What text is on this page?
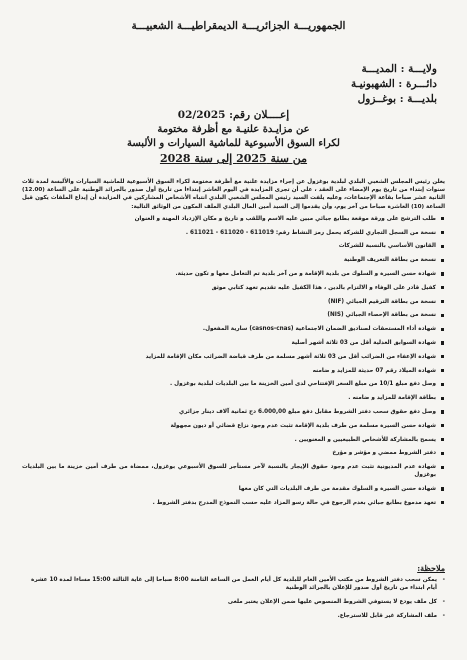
الجمهوريـــة الجزائريـــة الديمقراطيـــة الشعبيـــة
ولايـــة : المديـــة
دائـــرة : الشهبونيـة
بلديـــة : بوغــزول
إعــــلان رقم: 02/2025
عن مزايـدة علنيـة مع أظرفة مختومة
لكراء السوق الأسبوعية للماشية السيارات و الألبسة
من سنة 2025 إلى سنة 2028

يعلن رئيس المجلس الشعبي البلدي لبلدية بوغزول عن إجراء مزايدة علنية مع أظرفة مختومة لكراء السوق الأسبوعية للماشية السيارات والألبسة لمدة ثلاث سنوات إبتداء من تاريخ يوم الإمضاء على العقد ، على أن تجرى المزايدة في اليوم العاشر إبتداءا من تاريخ أول صدور بالجرائد الوطنية على الساعة (12.00) الثانية عشر صباحا بقاعة الإجتماعات، وعليه يلفت السيد رئيس المجلس الشعبي البلدي انتباه الأشخاص المشاركين في المزايدة أن إيداع الملفات يكون قبل الساعة (10) العاشرة صباحا من آخر يوم، وأن يقدموا إلى السيد أمين المال البلدي الملف المكون من الوثائق التالية:

طلب الترشح على ورقة موقعة بطابع جبائي مبين عليه الاسم واللقب و تاريخ و مكان الإزدياد المهنة و العنوان
نسخة من السجل التجاري للشركة يحمل رمز النشاط رقم: 611019 - 611020 - 611021 .
القانون الأساسي بالنسبة للشركات
نسخة من بطاقة التعريف الوطنية
شهادة حسن السيرة و السلوك من بلدية الإقامة و من آخر بلدية تم التعامل معها و تكون حديثة.
كفيل قادر على الوفاء و الالتزام بالدين ، هذا الكفيل عليه تقديم تعهد كتابي موثق
نسخة من بطاقة الترقيم الجبائي (NIF)
نسخة من بطاقة الإحصاء الجبائي (NIS)
شهادة أداء المستحقات لصناديق الضمان الاجتماعية (casnos-cnas) سارية المفعول.
شهادة السوابق العدلية أقل من 03 ثلاثة أشهر أصلية
شهادة الإعفاء من الضرائب أقل من 03 ثلاثة أشهر مسلمة من طرف قباضة الضرائب مكان الإقامة للمزايد
شهادة الميلاد رقم 07 حديثة للمزايد و ضامنه
وصل دفع مبلغ 10/1 من مبلغ السعر الإفتتاحي لدى أمين الخزينة ما بين البلديات لبلدية بوغزول .
بطاقة الإقامة للمزايد و ضامنه .
وصل دفع حقوق سحب دفتر الشروط مقابل دفع مبلغ 6.000,00 دج ثمانية آلاف دينار جزائري
شهادة حسن السيرة مسلمة من طرف بلدية الإقامة تثبت عدم وجود نزاع قضائي أو ديون مجهولة
يسمح بالمشاركة للأشخاص الطبيعيين و المعنويين .
دفتر الشروط ممضي و مؤشر و مؤرخ
شهادة عدم المديونية تثبت عدم وجود حقوق الإيجار بالنسبة لآخر مستأجر للسوق الأسبوعي بوغزول، ممضاة من طرف أمين خزينة ما بين البلديات بوغزول
شهادة حسن السيرة و السلوك مقدمة من طرف البلديات التي كان معها
تعهد مدموغ بطابع جبائي بعدم الرجوع في حالة رسو المزاد عليه حسب النموذج المدرج بدفتر الشروط .
ملاحظة:
- يمكن سحب دفتر الشروط من مكتب الأمين العام للبلدية كل أيام العمل من الساعة الثامنة 8:00 صباحا إلى غاية الثالثة 15:00 مساءا لمدة 10 عشرة أيام ابتداء من تاريخ أول صدور للإعلان بالجرائد الوطنية
- كل ملف يودع لا يستوفي الشروط المنصوص عليها ضمن الإعلان يعتبر ملغى
- ملف المشاركة غير قابل للاسترجاع.
